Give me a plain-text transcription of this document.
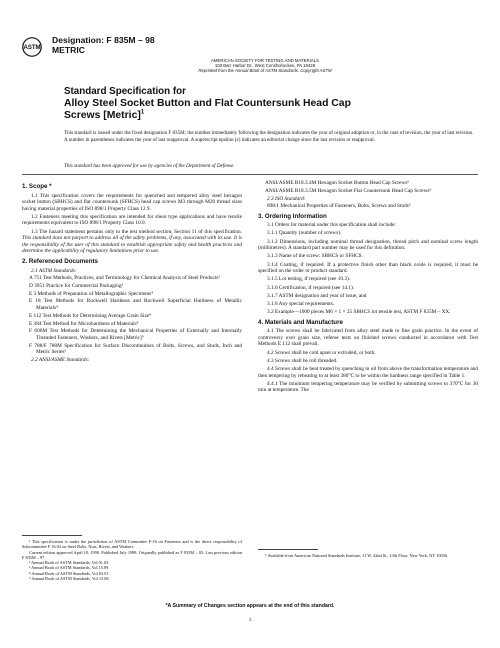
ASTM
Designation: F 835M – 98
METRIC
AMERICAN SOCIETY FOR TESTING AND MATERIALS
100 Barr Harbor Dr., West Conshohocken, PA 19428
Reprinted from the Annual Book of ASTM Standards. Copyright ASTM
Standard Specification for
Alloy Steel Socket Button and Flat Countersunk Head Cap
Screws [Metric]$^1$
This standard is issued under the fixed designation F 835M; the number immediately following the designation indicates the year of original adoption or, in the case of revision, the year of last revision. A number in parentheses indicates the year of last reapproval. A superscript epsilon (ε) indicates an editorial change since the last revision or reapproval.
This standard has been approved for use by agencies of the Department of Defense.
1. Scope *
1.1 This specification covers the requirements for quenched and tempered alloy steel hexagon socket button (SBHCS) and flat countersunk (SFHCS) head cap screws M3 through M20 thread sizes having material properties of ISO 898/1 Property Class 12.9.
1.2 Fasteners meeting this specification are intended for shear type applications and have tensile requirements equivalent to ISO 898/1 Property Class 10.9.
1.3 The hazard statement pertains only to the test method section, Section 11 of this specification. This standard does not purport to address all of the safety problems, if any, associated with its use. It is the responsibility of the user of this standard to establish appropriate safety and health practices and determine the applicability of regulatory limitations prior to use.
2. Referenced Documents
2.1 ASTM Standards:
A 751 Test Methods, Practices, and Terminology for Chemical Analysis of Steel Products²
D 3951 Practice for Commercial Packaging³
E 3 Methods of Preparation of Metallographic Specimens⁴
E 18 Test Methods for Rockwell Hardness and Rockwell Superficial Hardness of Metallic Materials⁴
E 112 Test Methods for Determining Average Grain Size⁴
E 384 Test Method for Microhardness of Materials⁴
F 606M Test Methods for Determining the Mechanical Properties of Externally and Internally Threaded Fasteners, Washers, and Rivets [Metric]⁵
F 788/F 788M Specification for Surface Discontinuities of Bolts, Screws, and Studs, Inch and Metric Series⁵
2.2 ANSI/ASME Standards:
¹ This specification is under the jurisdiction of ASTM Committee F-16 on Fasteners and is the direct responsibility of Subcommittee F 16.02 on Steel Bolts, Nuts, Rivets, and Washers.
Current edition approved April 10, 1998. Published July 1998. Originally published as F 835M – 83. Last previous edition F 835M – 97.
² Annual Book of ASTM Standards, Vol 01.03.
³ Annual Book of ASTM Standards, Vol 15.09.
⁴ Annual Book of ASTM Standards, Vol 03.01.
⁵ Annual Book of ASTM Standards, Vol 15.08.
ANSI/ASME B18.3.4M Hexagon Socket Button Head Cap Screws⁶
ANSI/ASME B18.3.5M Hexagon Socket Flat Countersunk Head Cap Screws⁶
2.3 ISO Standard:
898/1 Mechanical Properties of Fasteners, Bolts, Screws and Studs⁶
3. Ordering Information
3.1 Orders for material under this specification shall include:
3.1.1 Quantity (number of screws).
3.1.2 Dimensions, including nominal thread designation, thread pitch and nominal screw length (millimetres). A standard part number may be used for this definition.
3.1.3 Name of the screw: SBHCS or SFHCS.
3.1.4 Coating, if required. If a protective finish other than black oxide is required, it must be specified on the order or product standard.
3.1.5 Lot testing, if required (see 10.3).
3.1.6 Certification, if required (see 14.1).
3.1.7 ASTM designation and year of issue, and
3.1.8 Any special requirements.
3.2 Example—1000 pieces M6 × 1 × 25 SBHCS lot tensile test, ASTM F 835M – XX.
4. Materials and Manufacture
4.1 The screws shall be fabricated from alloy steel made to fine grain practice. In the event of controversy over grain size, referee tests on finished screws conducted in accordance with Test Methods E 112 shall prevail.
4.2 Screws shall be cold upset or extruded, or both.
4.3 Screws shall be roll threaded.
4.4 Screws shall be heat treated by quenching in oil from above the transformation temperature and then tempering by reheating to at least 380°C to be within the hardness range specified in Table 1.
4.4.1 The minimum tempering temperature may be verified by submitting screws to 370°C for 30 min at temperature. The
⁶ Available from American National Standards Institute, 11 W. 42nd St., 13th Floor, New York, NY 10036.
*A Summary of Changes section appears at the end of this standard.
1
